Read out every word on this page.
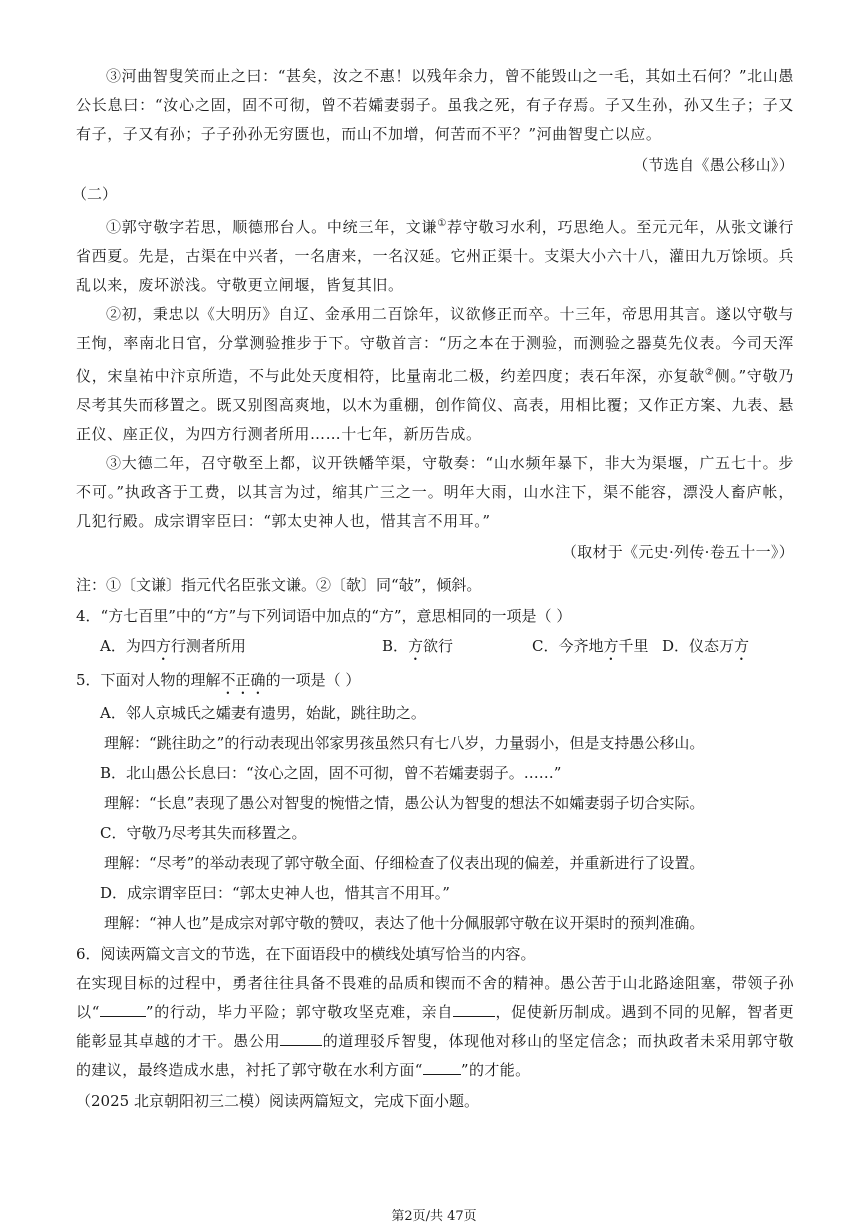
③河曲智叟笑而止之曰：“甚矣，汝之不惠！以残年余力，曾不能毁山之一毛，其如土石何？”北山愚公长息曰：“汝心之固，固不可彻，曾不若孀妻弱子。虽我之死，有子存焉。子又生孙，孙又生子；子又有子，子又有孙；子子孙孙无穷匮也，而山不加增，何苦而不平？”河曲智叟亡以应。

（节选自《愚公移山》）

（二）

①郭守敬字若思，顺德邢台人。中统三年，文谦①荐守敬习水利，巧思绝人。至元元年，从张文谦行省西夏。先是，古渠在中兴者，一名唐来，一名汉延。它州正渠十。支渠大小六十八，灌田九万馀顷。兵乱以来，废坏淤浅。守敬更立闸堰，皆复其旧。

②初，秉忠以《大明历》自辽、金承用二百馀年，议欲修正而卒。十三年，帝思用其言。遂以守敬与王恂，率南北日官，分掌测验推步于下。守敬首言：“历之本在于测验，而测验之器莫先仪表。今司天浑仪，宋皇祐中汴京所造，不与此处天度相符，比量南北二极，约差四度；表石年深，亦复欹②侧。”守敬乃尽考其失而移置之。既又别图高爽地，以木为重棚，创作简仪、高表，用相比覆；又作正方案、九表、悬正仪、座正仪，为四方行测者所用……十七年，新历告成。

③大德二年，召守敬至上都，议开铁幡竿渠，守敬奏：“山水频年暴下，非大为渠堰，广五七十。步不可。”执政吝于工费，以其言为过，缩其广三之一。明年大雨，山水注下，渠不能容，漂没人畜庐帐，几犯行殿。成宗谓宰臣曰：“郭太史神人也，惜其言不用耳。”

（取材于《元史·列传·卷五十一》）

注：①〔文谦〕指元代名臣张文谦。②〔欹〕同“敧”，倾斜。

4．“方七百里”中的“方”与下列词语中加点的“方”，意思相同的一项是（ ）

A．为四方行测者所用	B．方欲行	C．今齐地方千里 D．仪态万方

5．下面对人物的理解不正确的一项是（ ）

A．邻人京城氏之孀妻有遗男，始龀，跳往助之。

理解：“跳往助之”的行动表现出邻家男孩虽然只有七八岁，力量弱小，但是支持愚公移山。

B．北山愚公长息曰：“汝心之固，固不可彻，曾不若孀妻弱子。……”

理解：“长息”表现了愚公对智叟的惋惜之情，愚公认为智叟的想法不如孀妻弱子切合实际。

C．守敬乃尽考其失而移置之。

理解：“尽考”的举动表现了郭守敬全面、仔细检查了仪表出现的偏差，并重新进行了设置。

D．成宗谓宰臣曰：“郭太史神人也，惜其言不用耳。”

理解：“神人也”是成宗对郭守敬的赞叹，表达了他十分佩服郭守敬在议开渠时的预判准确。

6．阅读两篇文言文的节选，在下面语段中的横线处填写恰当的内容。

在实现目标的过程中，勇者往往具备不畏难的品质和锲而不舍的精神。愚公苦于山北路途阻塞，带领子孙以“	”的行动，毕力平险；郭守敬攻坚克难，亲自	，促使新历制成。遇到不同的见解，智者更能彰显其卓越的才干。愚公用	的道理驳斥智叟，体现他对移山的坚定信念；而执政者未采用郭守敬的建议，最终造成水患，衬托了郭守敬在水利方面“	”的才能。

（2025 北京朝阳初三二模）阅读两篇短文，完成下面小题。

第2页/共 47页
